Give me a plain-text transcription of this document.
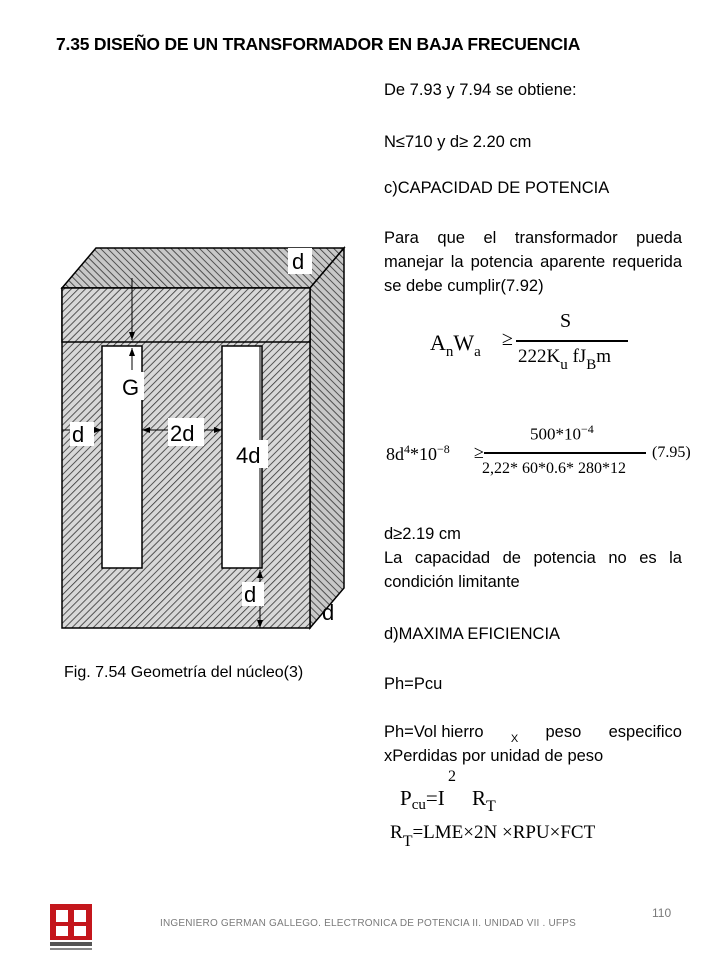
7.35 DISEÑO DE UN TRANSFORMADOR EN BAJA FRECUENCIA
De 7.93 y 7.94 se obtiene:
N≤710 y d≥ 2.20 cm
c)CAPACIDAD DE POTENCIA
Para que el transformador pueda manejar la potencia aparente requerida se debe cumplir(7.92)
$A_nW_a$
≥
S
$222K_u$ $fJ_Bm$
$8d^4*10^{-8}$ ≥
$500*10^{-4}$
2,22* 60*0.6* 280*12
(7.95)
d≥2.19 cm
La capacidad de potencia no es la condición limitante
d)MAXIMA EFICIENCIA
Ph=Pcu
Ph=Vol hierro X peso especifico
xPerdidas por unidad de peso
Pcu=I
2
$R_T$
$R_T=LME\times 2N \times RPU\times FCT$
d
G
d	2d
4d
d
d
Fig. 7.54 Geometría del núcleo(3)
110
INGENIERO GERMAN GALLEGO. ELECTRONICA DE POTENCIA II. UNIDAD VII . UFPS
